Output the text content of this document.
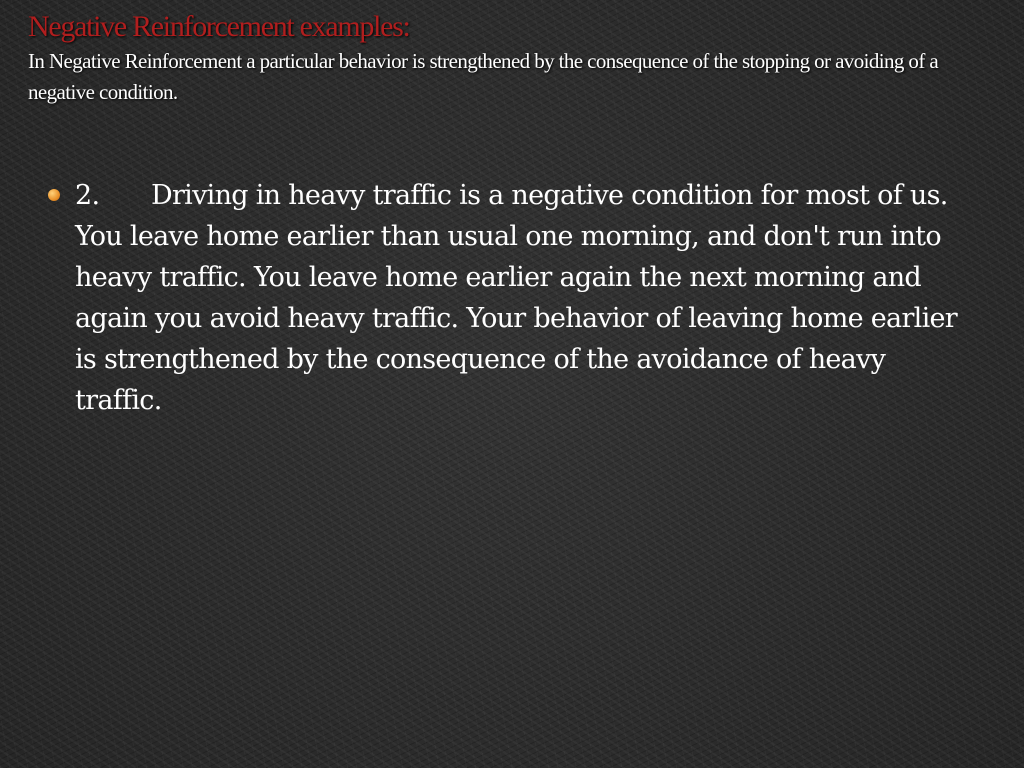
Negative Reinforcement examples:

In Negative Reinforcement a particular behavior is strengthened by the consequence of the stopping or avoiding of a negative condition.

2. Driving in heavy traffic is a negative condition for most of us. You leave home earlier than usual one morning, and don't run into heavy traffic. You leave home earlier again the next morning and again you avoid heavy traffic. Your behavior of leaving home earlier is strengthened by the consequence of the avoidance of heavy traffic.
